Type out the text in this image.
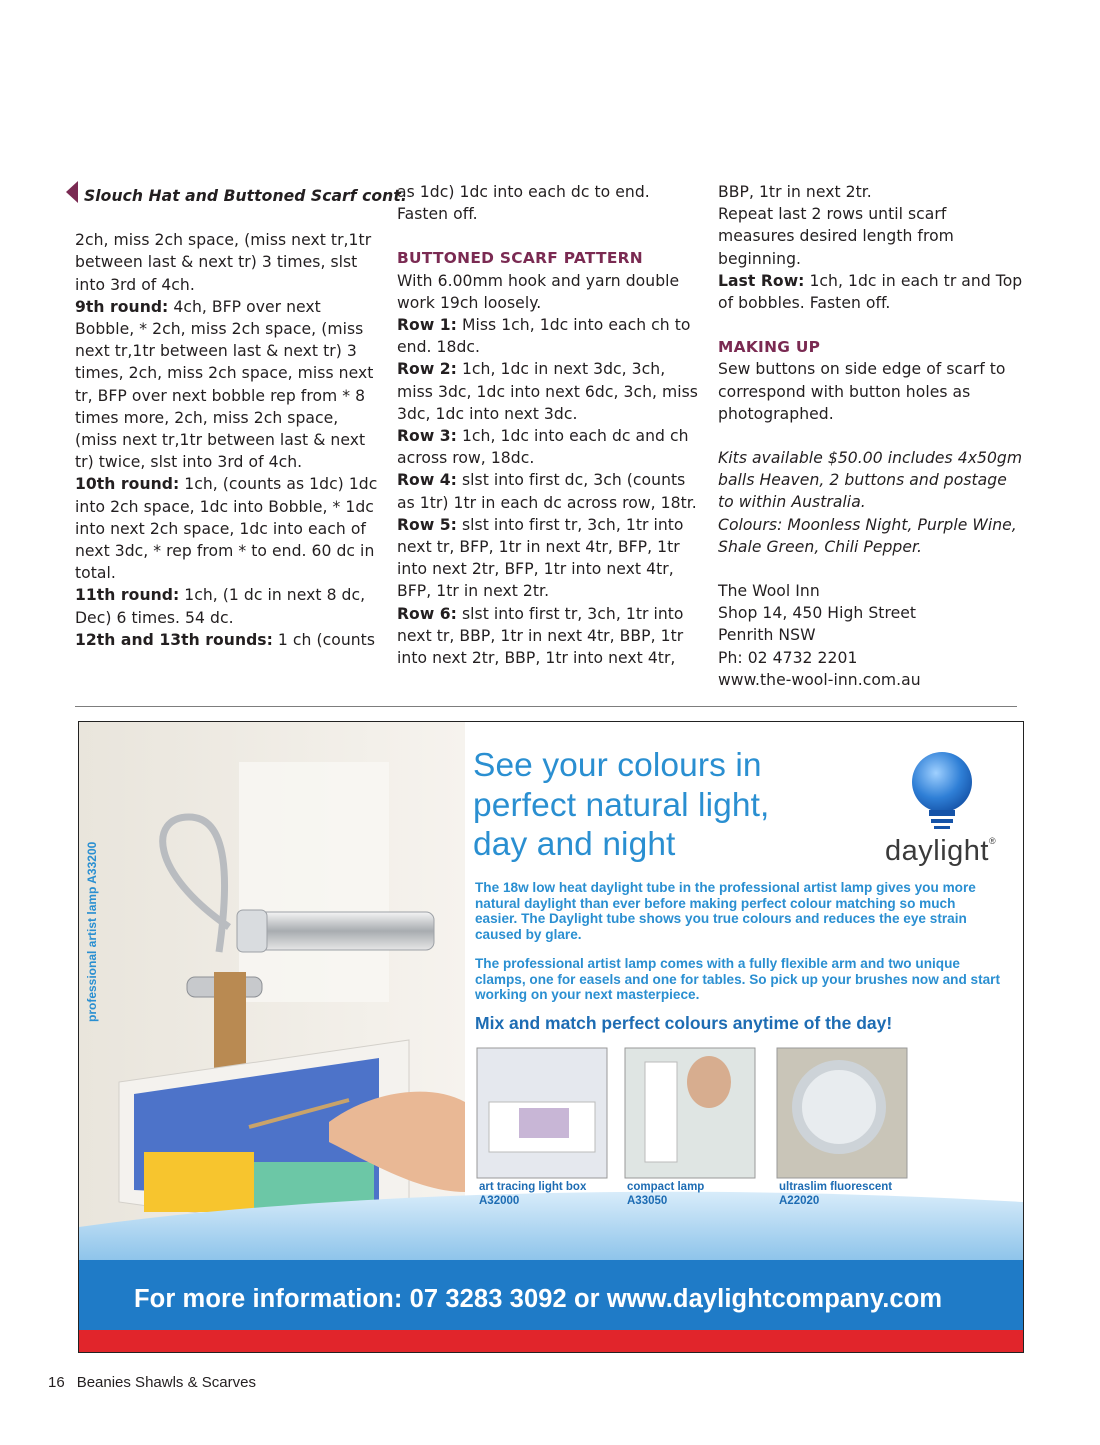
Slouch Hat and Buttoned Scarf cont.

2ch, miss 2ch space, (miss next tr,1tr between last & next tr) 3 times, slst into 3rd of 4ch.

9th round: 4ch, BFP over next Bobble, * 2ch, miss 2ch space, (miss next tr,1tr between last & next tr) 3 times, 2ch, miss 2ch space, miss next tr, BFP over next bobble rep from * 8 times more, 2ch, miss 2ch space, (miss next tr,1tr between last & next tr) twice, slst into 3rd of 4ch.

10th round: 1ch, (counts as 1dc) 1dc into 2ch space, 1dc into Bobble, * 1dc into next 2ch space, 1dc into each of next 3dc, * rep from * to end. 60 dc in total.

11th round: 1ch, (1 dc in next 8 dc, Dec) 6 times. 54 dc.

12th and 13th rounds: 1 ch (counts

as 1dc) 1dc into each dc to end. Fasten off.

BUTTONED SCARF PATTERN

With 6.00mm hook and yarn double work 19ch loosely.

Row 1: Miss 1ch, 1dc into each ch to end. 18dc.

Row 2: 1ch, 1dc in next 3dc, 3ch, miss 3dc, 1dc into next 6dc, 3ch, miss 3dc, 1dc into next 3dc.

Row 3: 1ch, 1dc into each dc and ch across row, 18dc.

Row 4: slst into first dc, 3ch (counts as 1tr) 1tr in each dc across row, 18tr.

Row 5: slst into first tr, 3ch, 1tr into next tr, BFP, 1tr in next 4tr, BFP, 1tr into next 2tr, BFP, 1tr into next 4tr, BFP, 1tr in next 2tr.

Row 6: slst into first tr, 3ch, 1tr into next tr, BBP, 1tr in next 4tr, BBP, 1tr into next 2tr, BBP, 1tr into next 4tr,

BBP, 1tr in next 2tr.

Repeat last 2 rows until scarf measures desired length from beginning.

Last Row: 1ch, 1dc in each tr and Top of bobbles. Fasten off.

MAKING UP

Sew buttons on side edge of scarf to correspond with button holes as photographed.

Kits available $50.00 includes 4x50gm balls Heaven, 2 buttons and postage to within Australia.

Colours: Moonless Night, Purple Wine, Shale Green, Chili Pepper.

The Wool Inn

Shop 14, 450 High Street

Penrith NSW

Ph: 02 4732 2201

www.the-wool-inn.com.au

See your colours in
perfect natural light,
day and night	daylight®

The 18w low heat daylight tube in the professional artist lamp gives you more natural daylight than ever before making perfect colour matching so much easier. The Daylight tube shows you true colours and reduces the eye strain caused by glare.

The professional artist lamp comes with a fully flexible arm and two unique clamps, one for easels and one for tables. So pick up your brushes now and start working on your next masterpiece.

Mix and match perfect colours anytime of the day!
professional artist lamp A33200
art tracing light box
A32000
compact lamp
A33050
ultraslim fluorescent
A22020
For more information: 07 3283 3092 or www.daylightcompany.com
16 Beanies Shawls & Scarves
